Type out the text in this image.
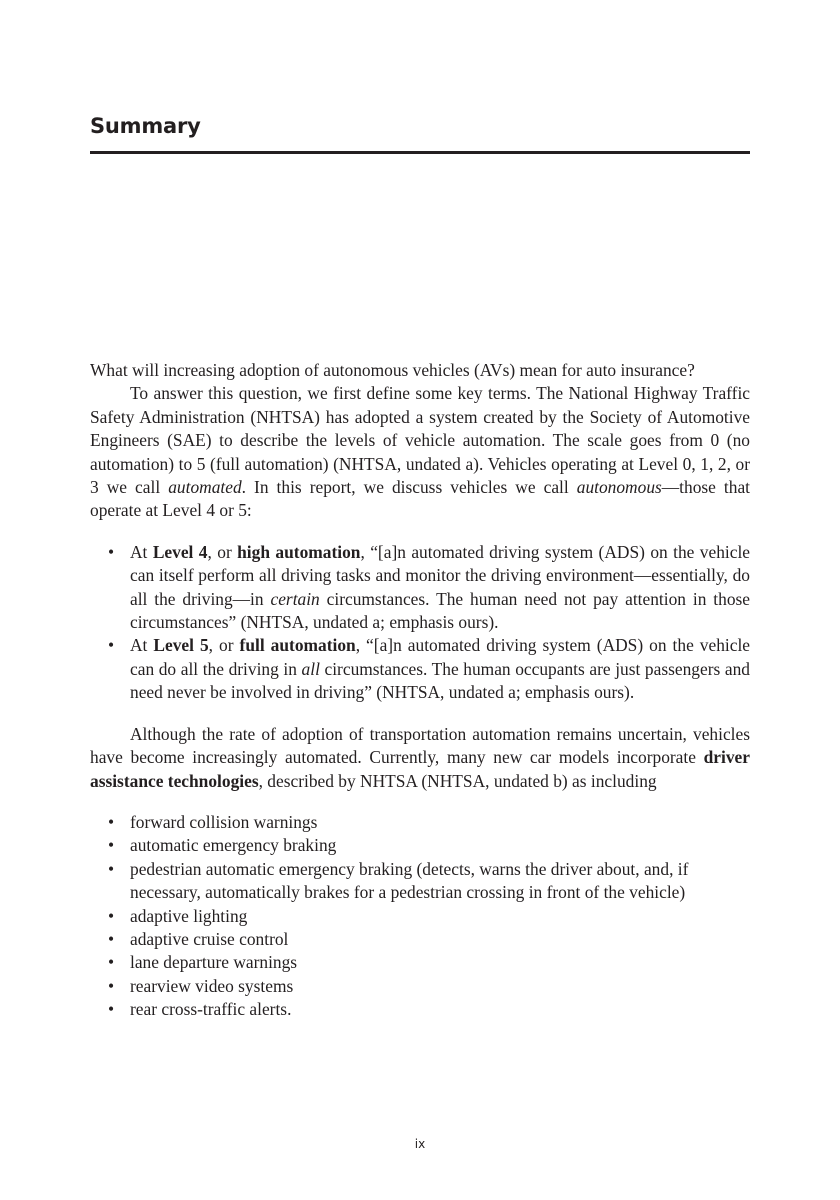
Summary

What will increasing adoption of autonomous vehicles (AVs) mean for auto insurance?

To answer this question, we first define some key terms. The National Highway Traffic Safety Administration (NHTSA) has adopted a system created by the Society of Automotive Engineers (SAE) to describe the levels of vehicle automation. The scale goes from 0 (no automation) to 5 (full automation) (NHTSA, undated a). Vehicles operating at Level 0, 1, 2, or 3 we call automated. In this report, we discuss vehicles we call autonomous—those that operate at Level 4 or 5:

• At Level 4, or high automation, “[a]n automated driving system (ADS) on the vehicle can itself perform all driving tasks and monitor the driving environment—essentially, do all the driving—in certain circumstances. The human need not pay attention in those circumstances” (NHTSA, undated a; emphasis ours).
• At Level 5, or full automation, “[a]n automated driving system (ADS) on the vehicle can do all the driving in all circumstances. The human occupants are just passengers and need never be involved in driving” (NHTSA, undated a; emphasis ours).

Although the rate of adoption of transportation automation remains uncertain, vehicles have become increasingly automated. Currently, many new car models incorporate driver assistance technologies, described by NHTSA (NHTSA, undated b) as including

• forward collision warnings
• automatic emergency braking
• pedestrian automatic emergency braking (detects, warns the driver about, and, if necessary, automatically brakes for a pedestrian crossing in front of the vehicle)
• adaptive lighting
• adaptive cruise control
• lane departure warnings
• rearview video systems
• rear cross-traffic alerts.
ix
